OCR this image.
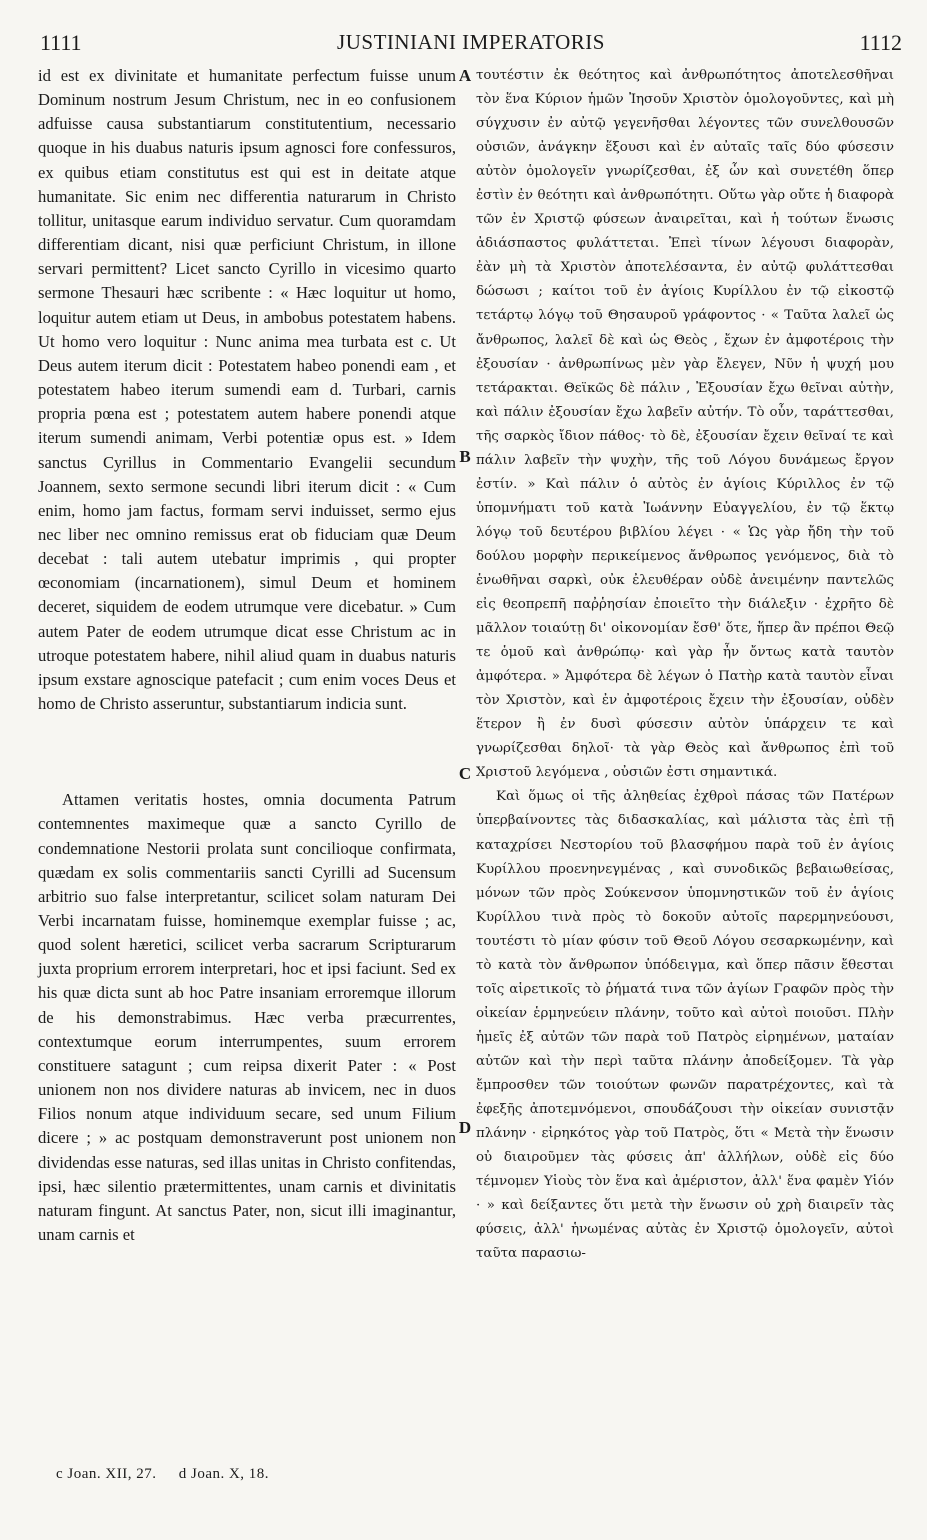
1111	JUSTINIANI IMPERATORIS	1112

id est ex divinitate et humanitate perfectum fuisse unum Dominum nostrum Jesum Christum, nec in eo confusionem adfuisse causa substantiarum constitutentium, necessario quoque in his duabus naturis ipsum agnosci fore confessuros, ex quibus etiam constitutus est qui est in deitate atque humanitate. Sic enim nec differentia naturarum in Christo tollitur, unitasque earum individuo servatur. Cum quoramdam differentiam dicant, nisi quæ perficiunt Christum, in illone servari permittent? Licet sancto Cyrillo in vicesimo quarto sermone Thesauri hæc scribente : « Hæc loquitur ut homo, loquitur autem etiam ut Deus, in ambobus potestatem habens. Ut homo vero loquitur : Nunc anima mea turbata est c. Ut Deus autem iterum dicit : Potestatem habeo ponendi eam , et potestatem habeo iterum sumendi eam d. Turbari, carnis propria pœna est ; potestatem autem habere ponendi atque iterum sumendi animam, Verbi potentiæ opus est. » Idem sanctus Cyrillus in Commentario Evangelii secundum Joannem, sexto sermone secundi libri iterum dicit : « Cum enim, homo jam factus, formam servi induisset, sermo ejus nec liber nec omnino remissus erat ob fiduciam quæ Deum decebat : tali autem utebatur imprimis , qui propter œconomiam (incarnationem), simul Deum et hominem deceret, siquidem de eodem utrumque vere dicebatur. » Cum autem Pater de eodem utrumque dicat esse Christum ac in utroque potestatem habere, nihil aliud quam in duabus naturis ipsum exstare agnoscique patefacit ; cum enim voces Deus et homo de Christo asseruntur, substantiarum indicia sunt.

Attamen veritatis hostes, omnia documenta Patrum contemnentes maximeque quæ a sancto Cyrillo de condemnatione Nestorii prolata sunt concilioque confirmata, quædam ex solis commentariis sancti Cyrilli ad Sucensum arbitrio suo false interpretantur, scilicet solam naturam Dei Verbi incarnatam fuisse, hominemque exemplar fuisse ; ac, quod solent hæretici, scilicet verba sacrarum Scripturarum juxta proprium errorem interpretari, hoc et ipsi faciunt. Sed ex his quæ dicta sunt ab hoc Patre insaniam erroremque illorum de his demonstrabimus. Hæc verba præcurrentes, contextumque eorum interrumpentes, suum errorem constituere satagunt ; cum reipsa dixerit Pater : « Post unionem non nos dividere naturas ab invicem, nec in duos Filios nonum atque individuum secare, sed unum Filium dicere ; » ac postquam demonstraverunt post unionem non dividendas esse naturas, sed illas unitas in Christo confitendas, ipsi, hæc silentio prætermittentes, unam carnis et divinitatis naturam fingunt. At sanctus Pater, non, sicut illi imaginantur, unam carnis et

τουτέστιν ἐκ θεότητος καὶ ἀνθρωπότητος ἀποτελεσθῆναι τὸν ἕνα Κύριον ἡμῶν Ἰησοῦν Χριστὸν ὁμολογοῦντες, καὶ μὴ σύγχυσιν ἐν αὐτῷ γεγενῆσθαι λέγοντες τῶν συνελθουσῶν οὐσιῶν, ἀνάγκην ἕξουσι καὶ ἐν αὐταῖς ταῖς δύο φύσεσιν αὐτὸν ὁμολογεῖν γνωρίζεσθαι, ἐξ ὧν καὶ συνετέθη ὅπερ ἐστὶν ἐν θεότητι καὶ ἀνθρωπότητι. Οὕτω γὰρ οὔτε ἡ διαφορὰ τῶν ἐν Χριστῷ φύσεων ἀναιρεῖται, καὶ ἡ τούτων ἕνωσις ἀδιάσπαστος φυλάττεται. Ἐπεὶ τίνων λέγουσι διαφορὰν, ἐὰν μὴ τὰ Χριστὸν ἀποτελέσαντα, ἐν αὐτῷ φυλάττεσθαι δώσωσι ; καίτοι τοῦ ἐν ἁγίοις Κυρίλλου ἐν τῷ εἰκοστῷ τετάρτῳ λόγῳ τοῦ Θησαυροῦ γράφοντος · « Ταῦτα λαλεῖ ὡς ἄνθρωπος, λαλεῖ δὲ καὶ ὡς Θεὸς , ἔχων ἐν ἀμφοτέροις τὴν ἐξουσίαν · ἀνθρωπίνως μὲν γὰρ ἔλεγεν, Νῦν ἡ ψυχή μου τετάρακται. Θεϊκῶς δὲ πάλιν , Ἐξουσίαν ἔχω θεῖναι αὐτὴν, καὶ πάλιν ἐξουσίαν ἔχω λαβεῖν αὐτήν. Τὸ οὖν, ταράττεσθαι, τῆς σαρκὸς ἴδιον πάθος· τὸ δὲ, ἐξουσίαν ἔχειν θεῖναί τε καὶ πάλιν λαβεῖν τὴν ψυχὴν, τῆς τοῦ Λόγου δυνάμεως ἔργον ἐστίν. » Καὶ πάλιν ὁ αὐτὸς ἐν ἁγίοις Κύριλλος ἐν τῷ ὑπομνήματι τοῦ κατὰ Ἰωάννην Εὐαγγελίου, ἐν τῷ ἕκτῳ λόγῳ τοῦ δευτέρου βιβλίου λέγει · « Ὡς γὰρ ἤδη τὴν τοῦ δούλου μορφὴν περικείμενος ἄνθρωπος γενόμενος, διὰ τὸ ἑνωθῆναι σαρκὶ, οὐκ ἐλευθέραν οὐδὲ ἀνειμένην παντελῶς εἰς θεοπρεπῆ παῤῥησίαν ἐποιεῖτο τὴν διάλεξιν · ἐχρῆτο δὲ μᾶλλον τοιαύτῃ δι' οἰκονομίαν ἔσθ' ὅτε, ἥπερ ἂν πρέποι Θεῷ τε ὁμοῦ καὶ ἀνθρώπῳ· καὶ γὰρ ἦν ὄντως κατὰ ταυτὸν ἀμφότερα. » Ἀμφότερα δὲ λέγων ὁ Πατὴρ κατὰ ταυτὸν εἶναι τὸν Χριστὸν, καὶ ἐν ἀμφοτέροις ἔχειν τὴν ἐξουσίαν, οὐδὲν ἕτερον ἢ ἐν δυσὶ φύσεσιν αὐτὸν ὑπάρχειν τε καὶ γνωρίζεσθαι δηλοῖ· τὰ γὰρ Θεὸς καὶ ἄνθρωπος ἐπὶ τοῦ Χριστοῦ λεγόμενα , οὐσιῶν ἐστι σημαντικά.

Καὶ ὅμως οἱ τῆς ἀληθείας ἐχθροὶ πάσας τῶν Πατέρων ὑπερβαίνοντες τὰς διδασκαλίας, καὶ μάλιστα τὰς ἐπὶ τῇ καταχρίσει Νεστορίου τοῦ βλασφήμου παρὰ τοῦ ἐν ἁγίοις Κυρίλλου προενηνεγμένας , καὶ συνοδικῶς βεβαιωθείσας, μόνων τῶν πρὸς Σούκενσον ὑπομνηστικῶν τοῦ ἐν ἁγίοις Κυρίλλου τινὰ πρὸς τὸ δοκοῦν αὐτοῖς παρερμηνεύουσι, τουτέστι τὸ μίαν φύσιν τοῦ Θεοῦ Λόγου σεσαρκωμένην, καὶ τὸ κατὰ τὸν ἄνθρωπον ὑπόδειγμα, καὶ ὅπερ πᾶσιν ἔθεσται τοῖς αἱρετικοῖς τὸ ῥήματά τινα τῶν ἁγίων Γραφῶν πρὸς τὴν οἰκείαν ἑρμηνεύειν πλάνην, τοῦτο καὶ αὐτοὶ ποιοῦσι. Πλὴν ἡμεῖς ἐξ αὐτῶν τῶν παρὰ τοῦ Πατρὸς εἰρημένων, ματαίαν αὐτῶν καὶ τὴν περὶ ταῦτα πλάνην ἀποδείξομεν. Τὰ γὰρ ἔμπροσθεν τῶν τοιούτων φωνῶν παρατρέχοντες, καὶ τὰ ἐφεξῆς ἀποτεμνόμενοι, σπουδάζουσι τὴν οἰκείαν συνιστᾷν πλάνην · εἰρηκότος γὰρ τοῦ Πατρὸς, ὅτι « Μετὰ τὴν ἕνωσιν οὐ διαιροῦμεν τὰς φύσεις ἀπ' ἀλλήλων, οὐδὲ εἰς δύο τέμνομεν Υἱοὺς τὸν ἕνα καὶ ἀμέριστον, ἀλλ' ἕνα φαμὲν Υἱόν · » καὶ δείξαντες ὅτι μετὰ τὴν ἕνωσιν οὐ χρὴ διαιρεῖν τὰς φύσεις, ἀλλ' ἡνωμένας αὐτὰς ἐν Χριστῷ ὁμολογεῖν, αὐτοὶ ταῦτα παρασιω-

A
B
C
D
c Joan. XII, 27. d Joan. X, 18.
